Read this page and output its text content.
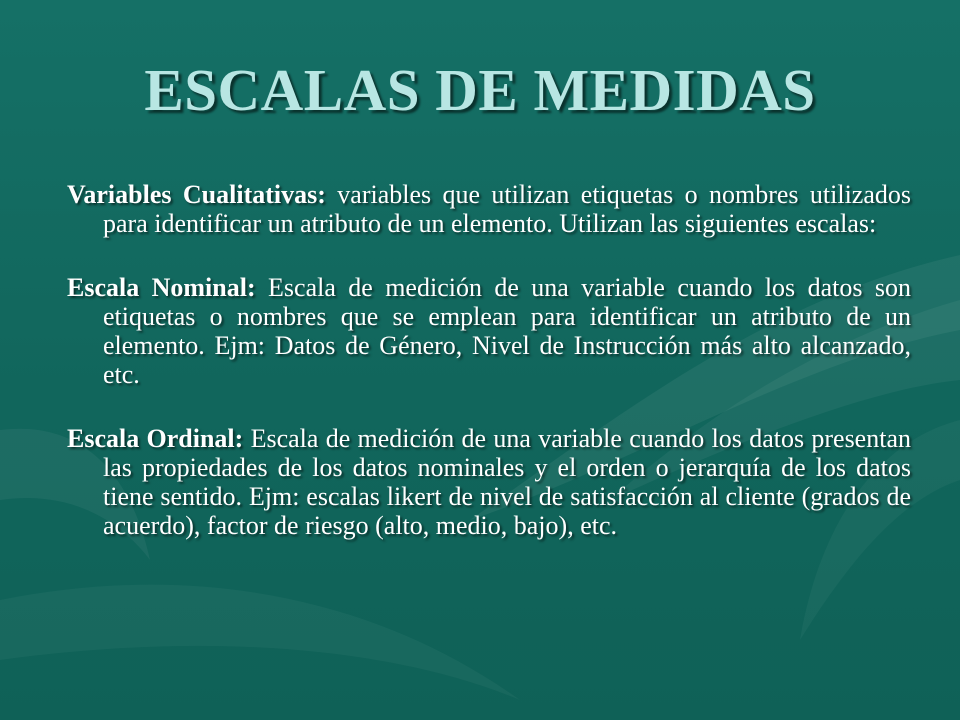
ESCALAS DE MEDIDAS
Variables Cualitativas: variables que utilizan etiquetas o nombres utilizados para identificar un atributo de un elemento. Utilizan las siguientes escalas:
Escala Nominal: Escala de medición de una variable cuando los datos son etiquetas o nombres que se emplean para identificar un atributo de un elemento. Ejm: Datos de Género, Nivel de Instrucción más alto alcanzado, etc.
Escala Ordinal: Escala de medición de una variable cuando los datos presentan las propiedades de los datos nominales y el orden o jerarquía de los datos tiene sentido. Ejm: escalas likert de nivel de satisfacción al cliente (grados de acuerdo), factor de riesgo (alto, medio, bajo), etc.
